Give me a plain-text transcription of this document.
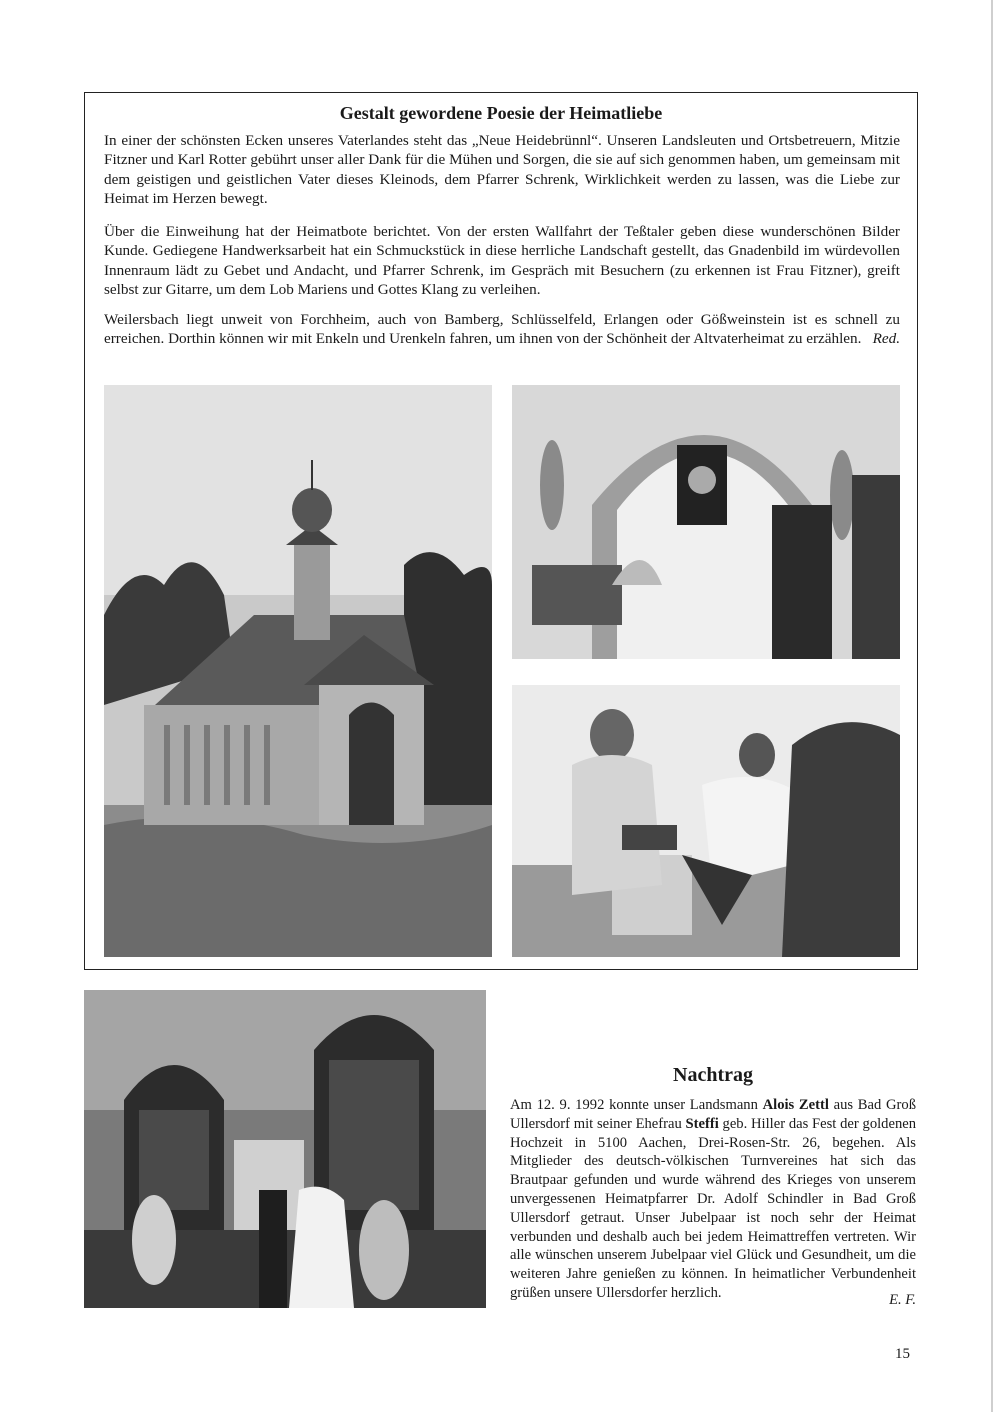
Gestalt gewordene Poesie der Heimatliebe

In einer der schönsten Ecken unseres Vaterlandes steht das „Neue Heidebrünnl“. Unseren Landsleuten und Ortsbetreuern, Mitzie Fitzner und Karl Rotter gebührt unser aller Dank für die Mühen und Sorgen, die sie auf sich genommen haben, um gemeinsam mit dem geistigen und geistlichen Vater dieses Kleinods, dem Pfarrer Schrenk, Wirklichkeit werden zu lassen, was die Liebe zur Heimat im Herzen bewegt.

Über die Einweihung hat der Heimatbote berichtet. Von der ersten Wallfahrt der Teßtaler geben diese wunderschönen Bilder Kunde. Gediegene Handwerksarbeit hat ein Schmuckstück in diese herrliche Landschaft gestellt, das Gnadenbild im würdevollen Innenraum lädt zu Gebet und Andacht, und Pfarrer Schrenk, im Gespräch mit Besuchern (zu erkennen ist Frau Fitzner), greift selbst zur Gitarre, um dem Lob Mariens und Gottes Klang zu verleihen.

Weilersbach liegt unweit von Forchheim, auch von Bamberg, Schlüsselfeld, Erlangen oder Gößweinstein ist es schnell zu erreichen. Dorthin können wir mit Enkeln und Urenkeln fahren, um ihnen von der Schönheit der Altvaterheimat zu erzählen. Red.

Nachtrag

Am 12. 9. 1992 konnte unser Landsmann Alois Zettl aus Bad Groß Ullersdorf mit seiner Ehefrau Steffi geb. Hiller das Fest der goldenen Hochzeit in 5100 Aachen, Drei-Rosen-Str. 26, begehen. Als Mitglieder des deutsch-völkischen Turnvereines hat sich das Brautpaar gefunden und wurde während des Krieges von unserem unvergessenen Heimatpfarrer Dr. Adolf Schindler in Bad Groß Ullersdorf getraut. Unser Jubelpaar ist noch sehr der Heimat verbunden und deshalb auch bei jedem Heimattreffen vertreten. Wir alle wünschen unserem Jubelpaar viel Glück und Gesundheit, um die weiteren Jahre genießen zu können. In heimatlicher Verbundenheit grüßen unsere Ullersdorfer herzlich.	E. F.
15
